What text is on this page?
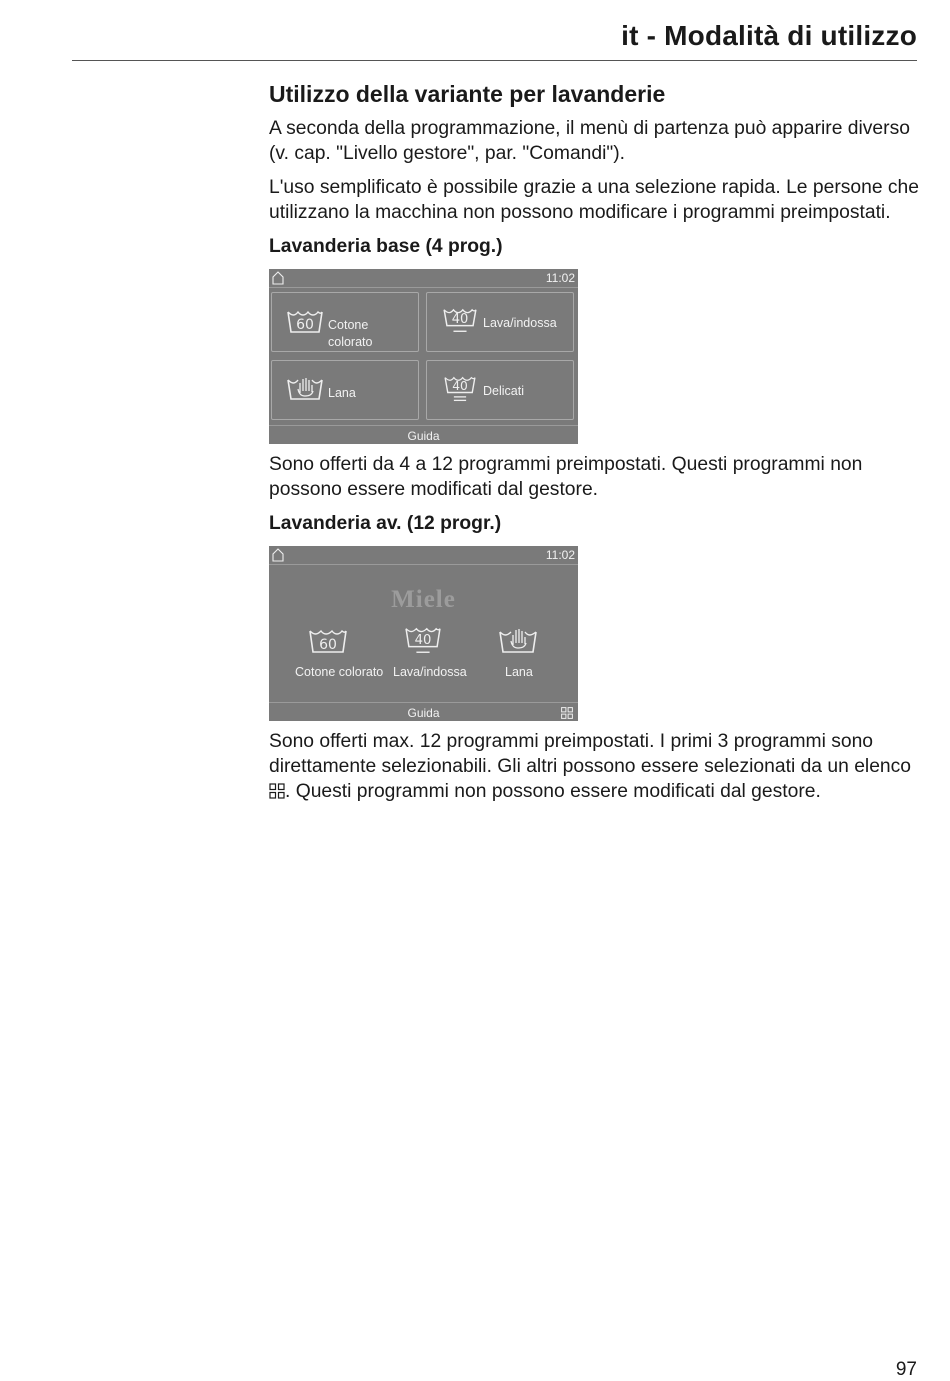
it - Modalità di utilizzo
Utilizzo della variante per lavanderie

A seconda della programmazione, il menù di partenza può apparire diverso (v. cap. "Livello gestore", par. "Comandi").

L'uso semplificato è possibile grazie a una selezione rapida. Le persone che utilizzano la macchina non possono modificare i programmi preimpostati.

Lavanderia base (4 prog.)
11:02
60 Cotone colorato
40 Lava/indossa
Lana
40 Delicati
Guida

Sono offerti da 4 a 12 programmi preimpostati. Questi programmi non possono essere modificati dal gestore.

Lavanderia av. (12 progr.)
11:02
Miele
60
Cotone colorato
40
Lava/indossa	Lana
Guida

Sono offerti max. 12 programmi preimpostati. I primi 3 programmi sono direttamente selezionabili. Gli altri possono essere selezionati da un elenco . Questi programmi non possono essere modificati dal gestore.

97
